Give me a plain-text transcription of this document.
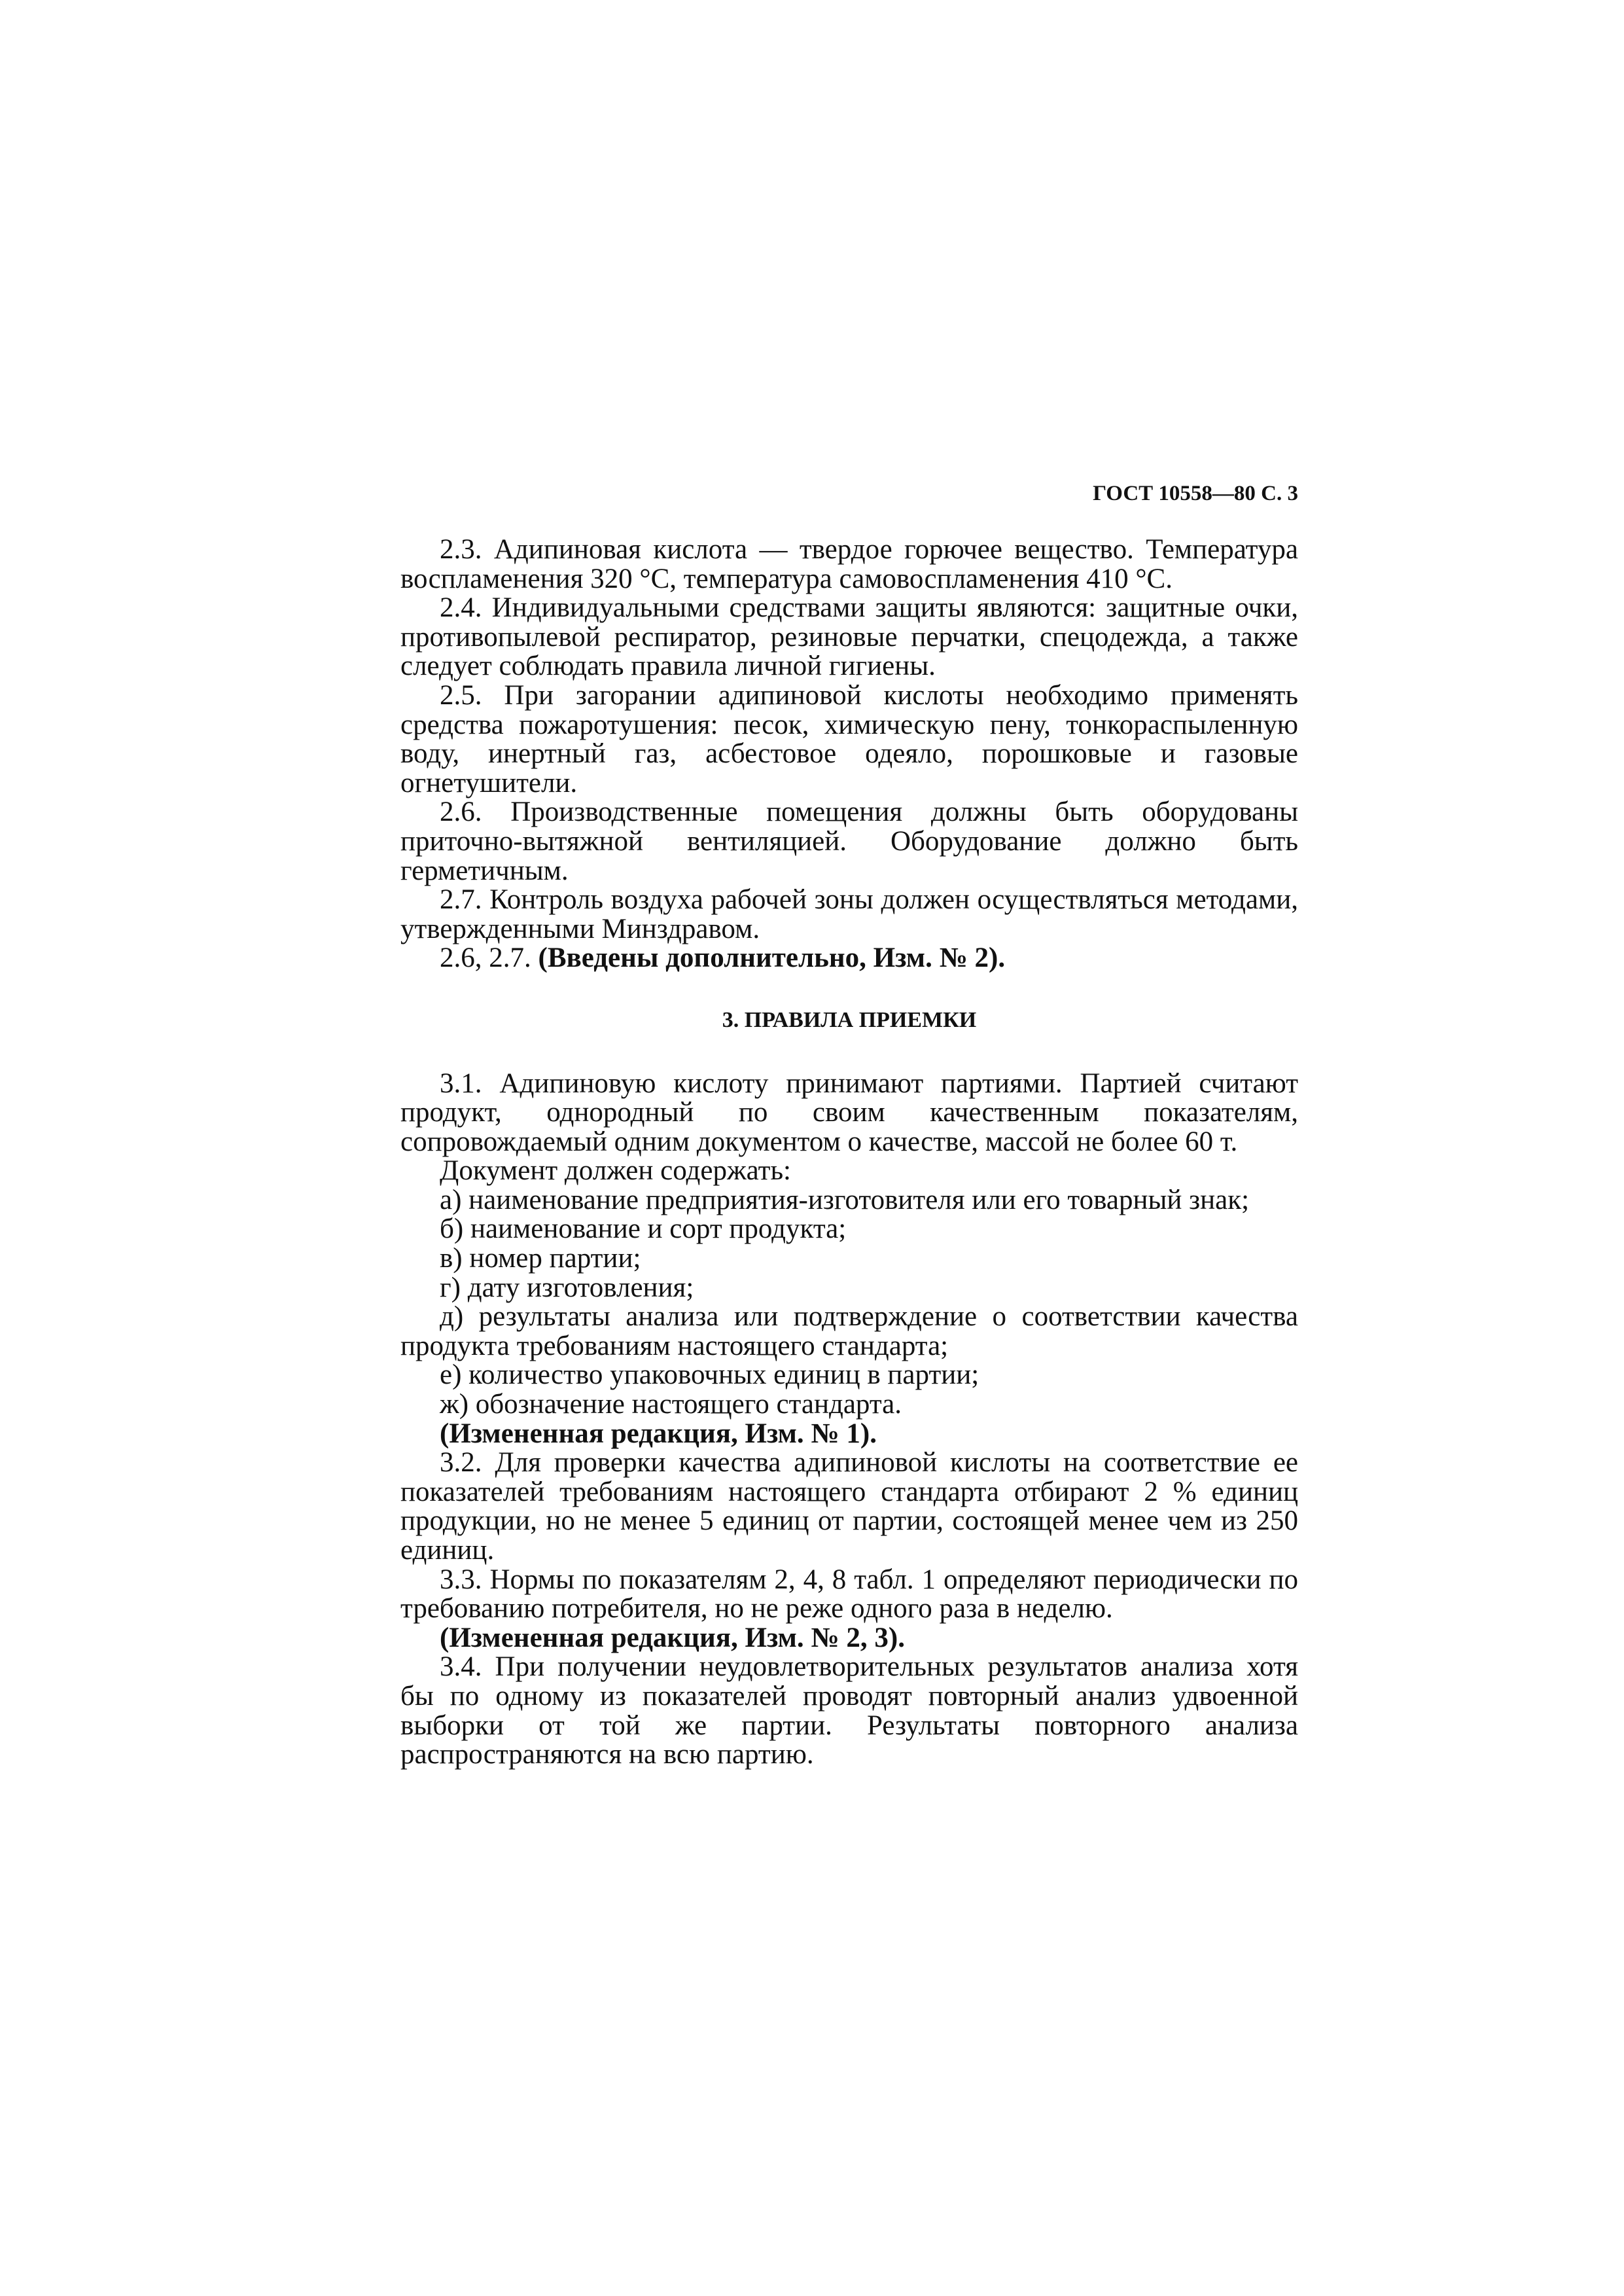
ГОСТ 10558—80 С. 3

2.3. Адипиновая кислота — твердое горючее вещество. Температура воспламенения 320 °С, температура самовоспламенения 410 °С.

2.4. Индивидуальными средствами защиты являются: защитные очки, противопылевой респиратор, резиновые перчатки, спецодежда, а также следует соблюдать правила личной гигиены.

2.5. При загорании адипиновой кислоты необходимо применять средства пожаротушения: песок, химическую пену, тонкораспыленную воду, инертный газ, асбестовое одеяло, порошковые и газовые огнетушители.

2.6. Производственные помещения должны быть оборудованы приточно-вытяжной вентиляцией. Оборудование должно быть герметичным.

2.7. Контроль воздуха рабочей зоны должен осуществляться методами, утвержденными Минздравом.

2.6, 2.7. (Введены дополнительно, Изм. № 2).

3. ПРАВИЛА ПРИЕМКИ

3.1. Адипиновую кислоту принимают партиями. Партией считают продукт, однородный по своим качественным показателям, сопровождаемый одним документом о качестве, массой не более 60 т.

Документ должен содержать:

а) наименование предприятия-изготовителя или его товарный знак;

б) наименование и сорт продукта;

в) номер партии;

г) дату изготовления;

д) результаты анализа или подтверждение о соответствии качества продукта требованиям настоящего стандарта;

е) количество упаковочных единиц в партии;

ж) обозначение настоящего стандарта.

(Измененная редакция, Изм. № 1).

3.2. Для проверки качества адипиновой кислоты на соответствие ее показателей требованиям настоящего стандарта отбирают 2 % единиц продукции, но не менее 5 единиц от партии, состоящей менее чем из 250 единиц.

3.3. Нормы по показателям 2, 4, 8 табл. 1 определяют периодически по требованию потребителя, но не реже одного раза в неделю.

(Измененная редакция, Изм. № 2, 3).

3.4. При получении неудовлетворительных результатов анализа хотя бы по одному из показателей проводят повторный анализ удвоенной выборки от той же партии. Результаты повторного анализа распространяются на всю партию.
